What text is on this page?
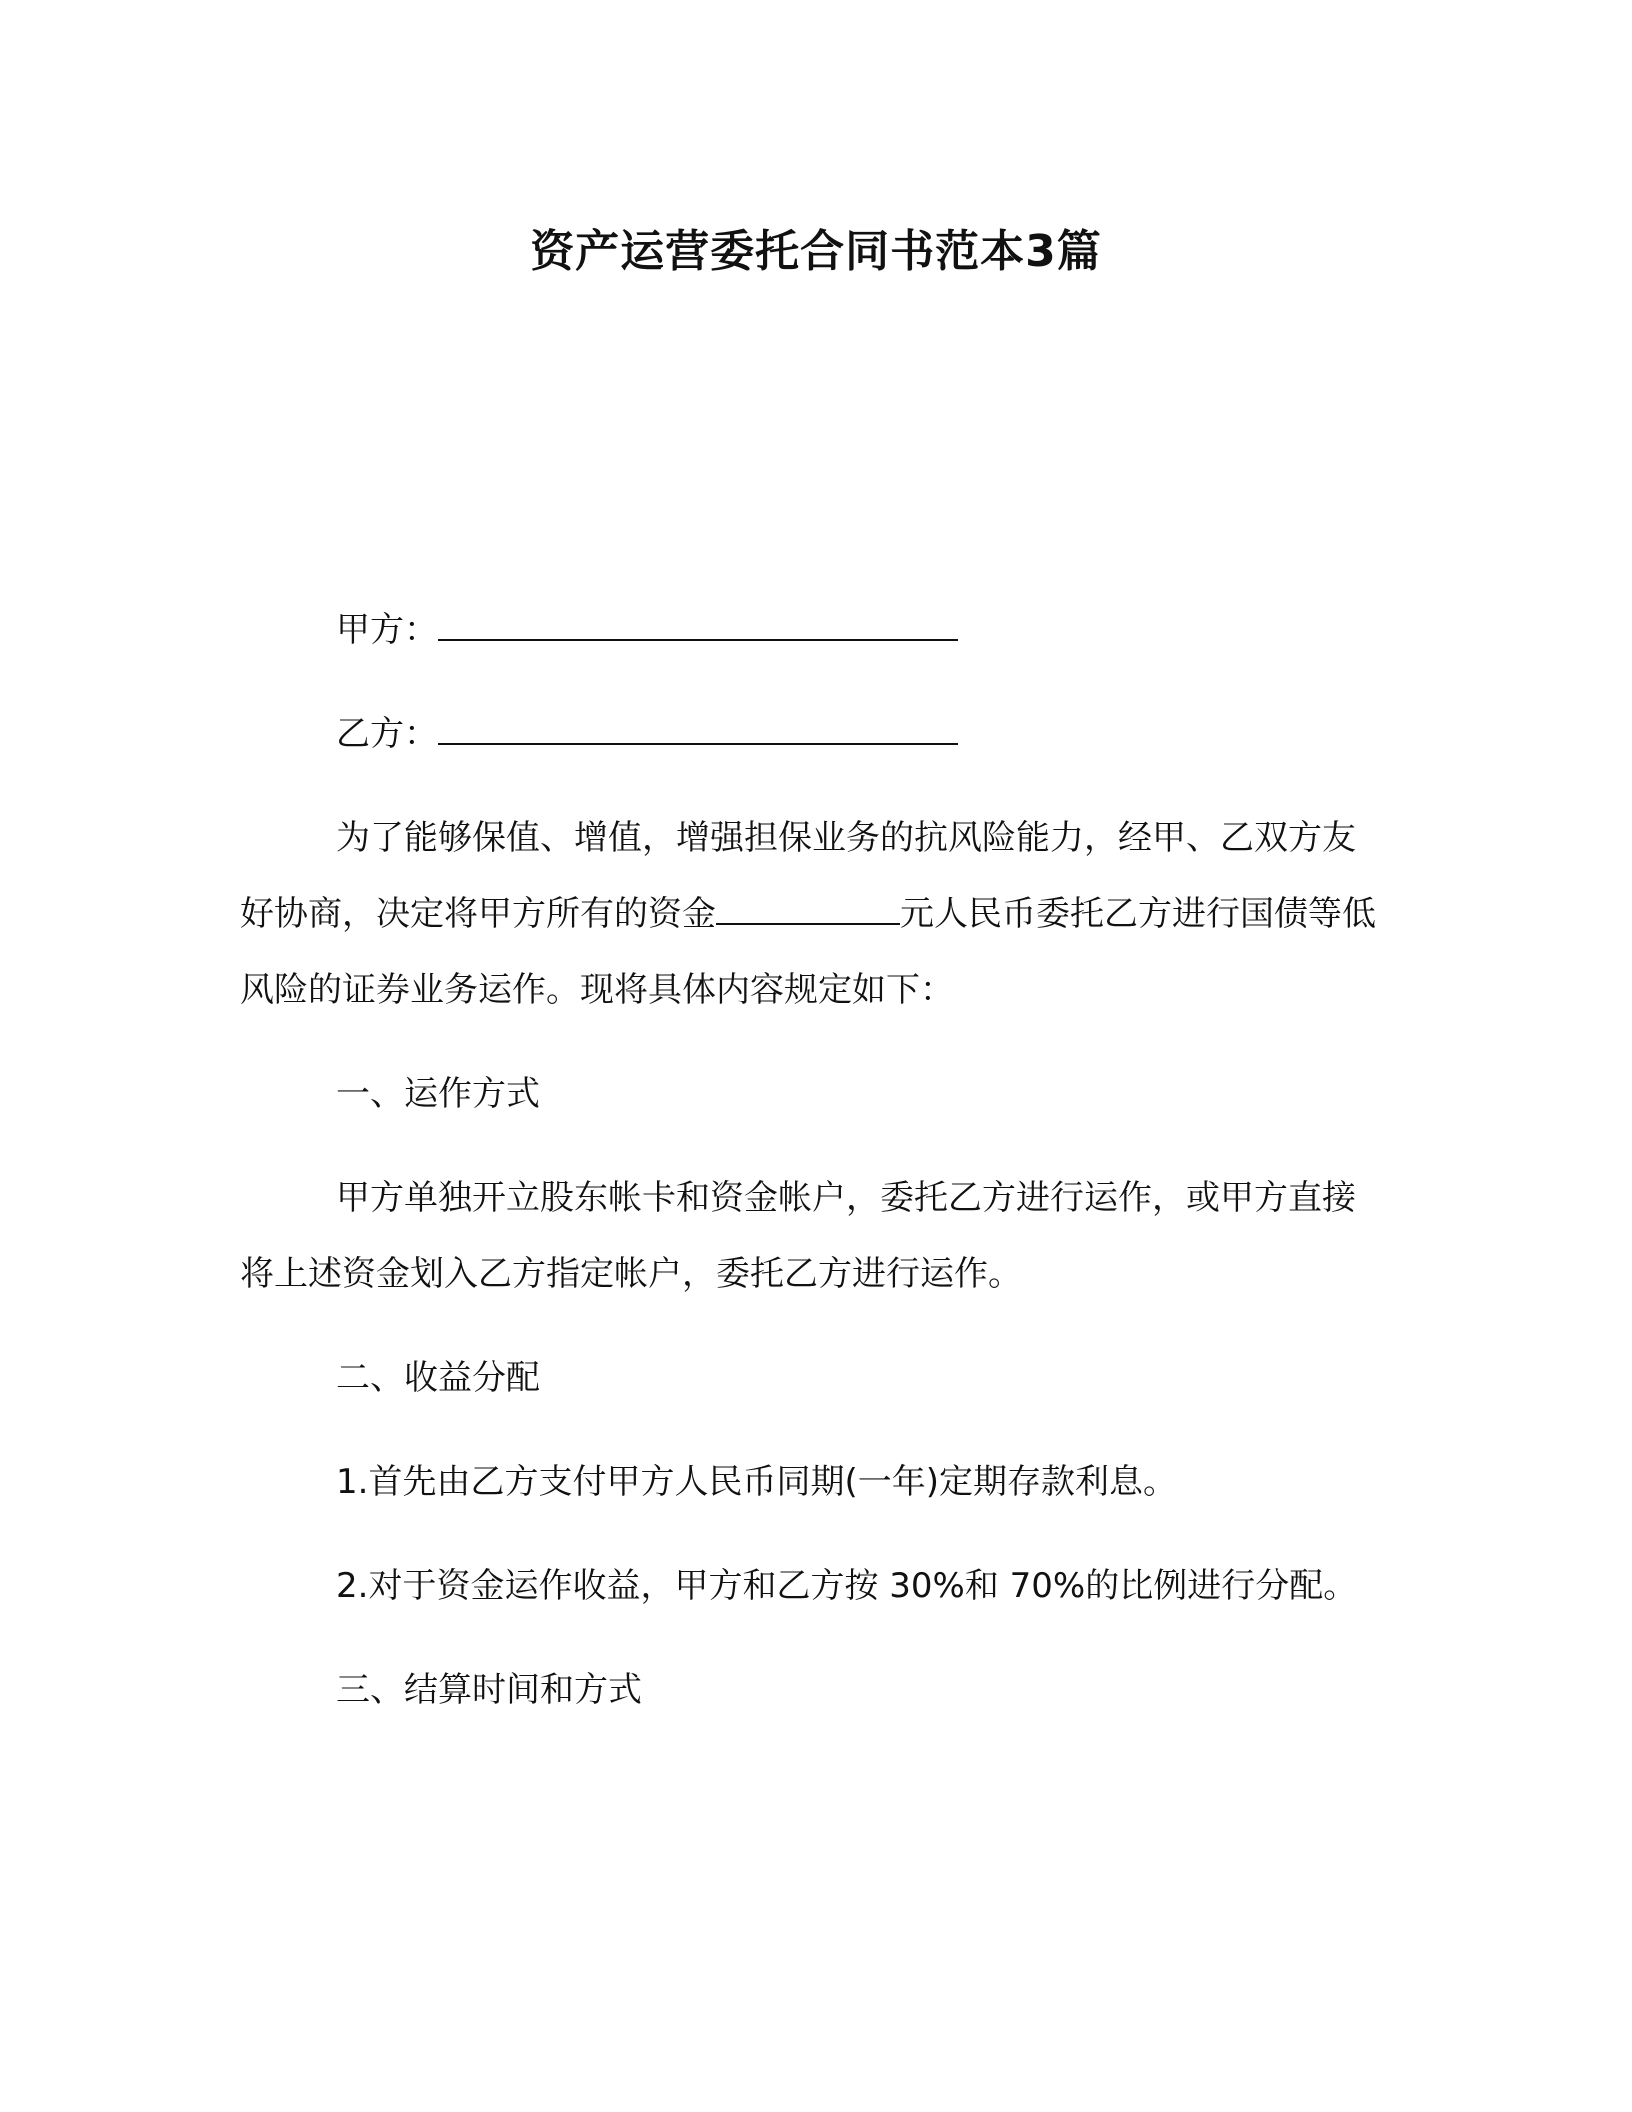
资产运营委托合同书范本3篇

甲方：

乙方：

为了能够保值、增值，增强担保业务的抗风险能力，经甲、乙双方友好协商，决定将甲方所有的资金	元人民币委托乙方进行国债等低风险的证券业务运作。现将具体内容规定如下：

一、运作方式

甲方单独开立股东帐卡和资金帐户，委托乙方进行运作，或甲方直接将上述资金划入乙方指定帐户，委托乙方进行运作。

二、收益分配

1.首先由乙方支付甲方人民币同期(一年)定期存款利息。

2.对于资金运作收益，甲方和乙方按 30%和 70%的比例进行分配。

三、结算时间和方式
